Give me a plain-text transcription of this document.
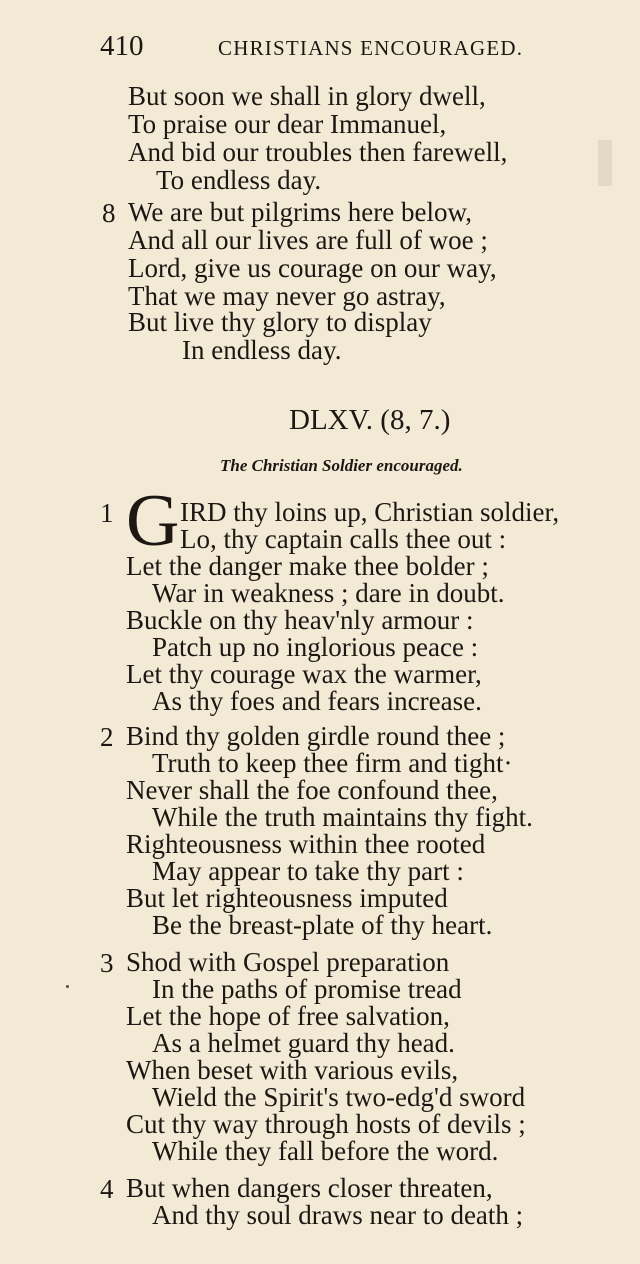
410	CHRISTIANS ENCOURAGED.
But soon we shall in glory dwell,
To praise our dear Immanuel,
And bid our troubles then farewell,
To endless day.
8 We are but pilgrims here below,
And all our lives are full of woe ;
Lord, give us courage on our way,
That we may never go astray,
But live thy glory to display
In endless day.
DLXV. (8, 7.)
The Christian Soldier encouraged.
1 G IRD thy loins up, Christian soldier,
Lo, thy captain calls thee out :
Let the danger make thee bolder ;
War in weakness ; dare in doubt.
Buckle on thy heav'nly armour :
Patch up no inglorious peace :
Let thy courage wax the warmer,
As thy foes and fears increase.
2 Bind thy golden girdle round thee ;
Truth to keep thee firm and tight·
Never shall the foe confound thee,
While the truth maintains thy fight.
Righteousness within thee rooted
May appear to take thy part :
But let righteousness imputed
Be the breast-plate of thy heart.
3 Shod with Gospel preparation
In the paths of promise tread
Let the hope of free salvation,
As a helmet guard thy head.
When beset with various evils,
Wield the Spirit's two-edg'd sword
Cut thy way through hosts of devils ;
While they fall before the word.
4 But when dangers closer threaten,
And thy soul draws near to death ;
